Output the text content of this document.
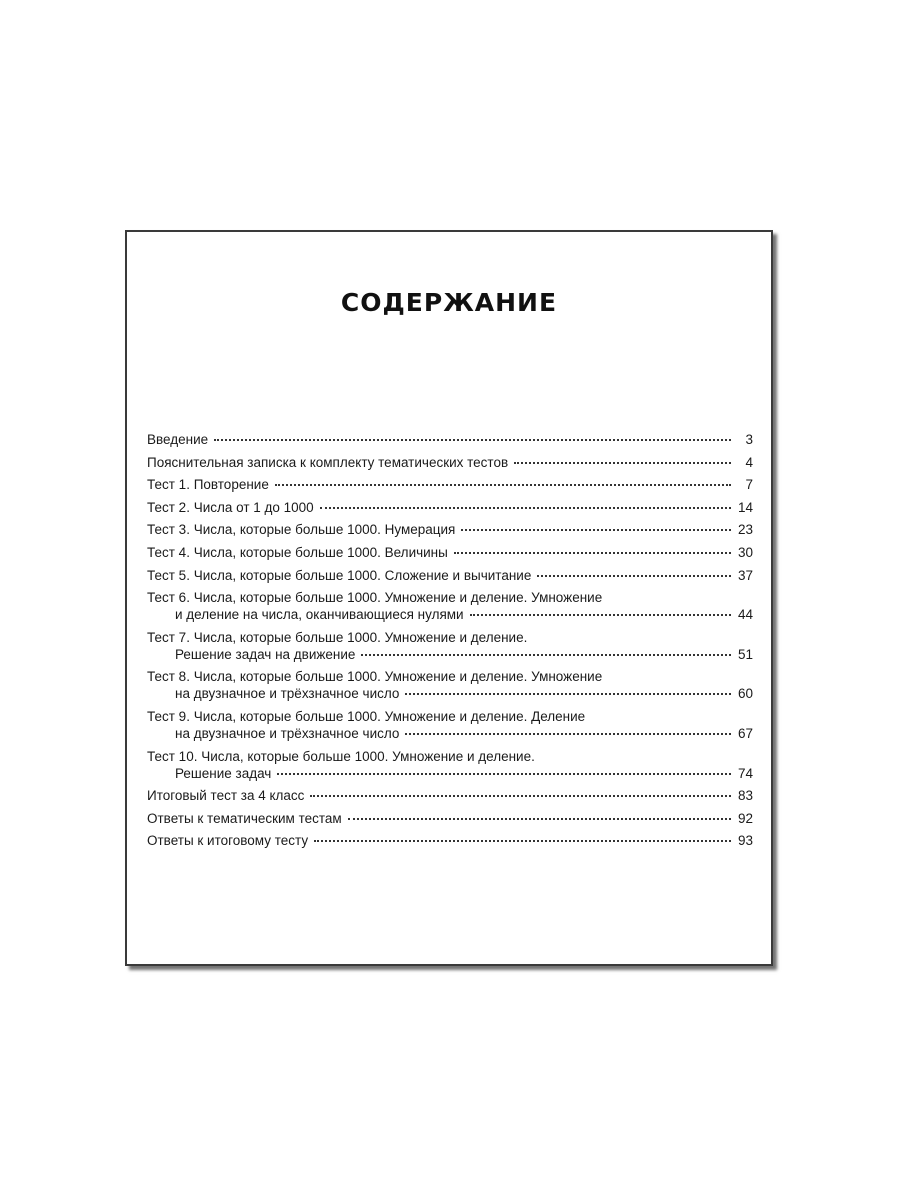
СОДЕРЖАНИЕ
Введение	3
Пояснительная записка к комплекту тематических тестов	4
Тест 1. Повторение	7
Тест 2. Числа от 1 до 1000	14
Тест 3. Числа, которые больше 1000. Нумерация	23
Тест 4. Числа, которые больше 1000. Величины	30
Тест 5. Числа, которые больше 1000. Сложение и вычитание	37
Тест 6. Числа, которые больше 1000. Умножение и деление. Умножение
и деление на числа, оканчивающиеся нулями	44
Тест 7. Числа, которые больше 1000. Умножение и деление.
Решение задач на движение	51
Тест 8. Числа, которые больше 1000. Умножение и деление. Умножение
на двузначное и трёхзначное число	60
Тест 9. Числа, которые больше 1000. Умножение и деление. Деление
на двузначное и трёхзначное число	67
Тест 10. Числа, которые больше 1000. Умножение и деление.
Решение задач	74
Итоговый тест за 4 класс	83
Ответы к тематическим тестам	92
Ответы к итоговому тесту	93
